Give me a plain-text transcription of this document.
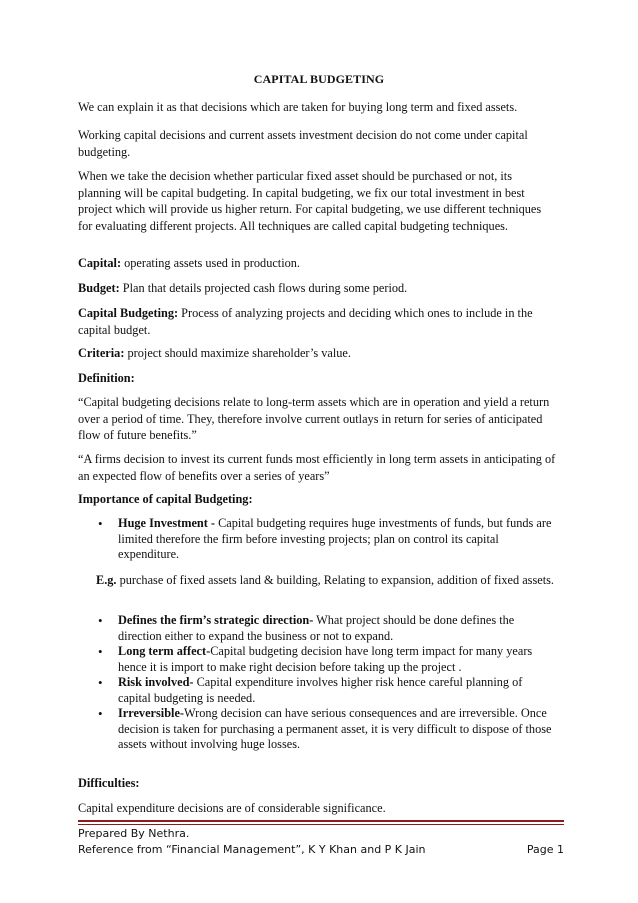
CAPITAL BUDGETING

We can explain it as that decisions which are taken for buying long term and fixed assets.

Working capital decisions and current assets investment decision do not come under capital budgeting.

When we take the decision whether particular fixed asset should be purchased or not, its planning will be capital budgeting. In capital budgeting, we fix our total investment in best project which will provide us higher return. For capital budgeting, we use different techniques for evaluating different projects. All techniques are called capital budgeting techniques.

Capital: operating assets used in production.

Budget: Plan that details projected cash flows during some period.

Capital Budgeting: Process of analyzing projects and deciding which ones to include in the capital budget.

Criteria: project should maximize shareholder’s value.

Definition:

“Capital budgeting decisions relate to long-term assets which are in operation and yield a return over a period of time. They, therefore involve current outlays in return for series of anticipated flow of future benefits.”

“A firms decision to invest its current funds most efficiently in long term assets in anticipating of an expected flow of benefits over a series of years”

Importance of capital Budgeting:

• Huge Investment - Capital budgeting requires huge investments of funds, but funds are limited therefore the firm before investing projects; plan on control its capital expenditure.

E.g. purchase of fixed assets land & building, Relating to expansion, addition of fixed assets.

• Defines the firm’s strategic direction- What project should be done defines the direction either to expand the business or not to expand.
• Long term affect-Capital budgeting decision have long term impact for many years hence it is import to make right decision before taking up the project .
• Risk involved- Capital expenditure involves higher risk hence careful planning of capital budgeting is needed.
• Irreversible-Wrong decision can have serious consequences and are irreversible. Once decision is taken for purchasing a permanent asset, it is very difficult to dispose of those assets without involving huge losses.

Difficulties:

Capital expenditure decisions are of considerable significance.

Prepared By Nethra.
Reference from “Financial Management”, K Y Khan and P K Jain	Page 1
